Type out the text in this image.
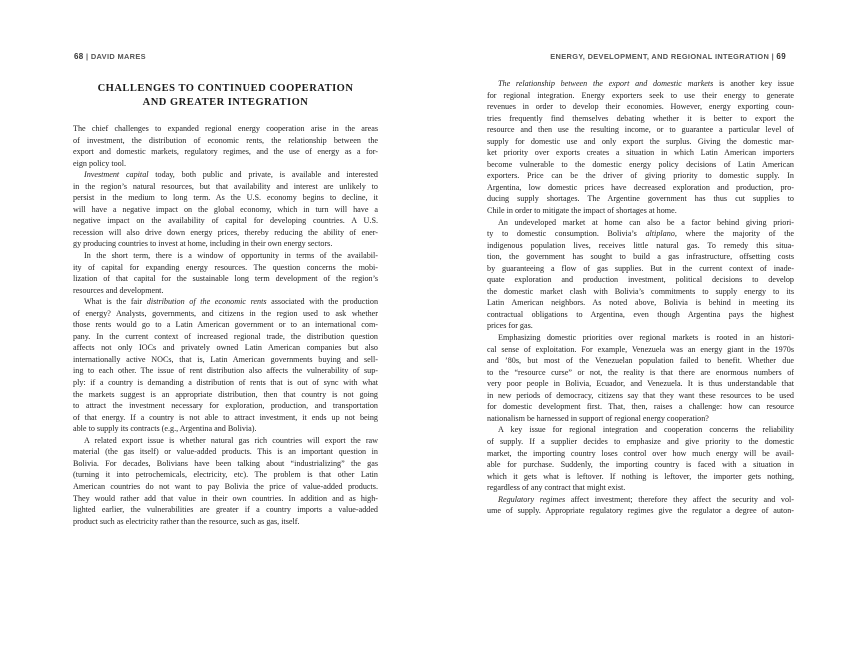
68 | DAVID MARES
CHALLENGES TO CONTINUED COOPERATION
AND GREATER INTEGRATION
The chief challenges to expanded regional energy cooperation arise in the areas
of investment, the distribution of economic rents, the relationship between the
export and domestic markets, regulatory regimes, and the use of energy as a for-
eign policy tool.
Investment capital today, both public and private, is available and interested
in the region’s natural resources, but that availability and interest are unlikely to
persist in the medium to long term. As the U.S. economy begins to decline, it
will have a negative impact on the global economy, which in turn will have a
negative impact on the availability of capital for developing countries. A U.S.
recession will also drive down energy prices, thereby reducing the ability of ener-
gy producing countries to invest at home, including in their own energy sectors.
In the short term, there is a window of opportunity in terms of the availabil-
ity of capital for expanding energy resources. The question concerns the mobi-
lization of that capital for the sustainable long term development of the region’s
resources and development.
What is the fair distribution of the economic rents associated with the production
of energy? Analysts, governments, and citizens in the region used to ask whether
those rents would go to a Latin American government or to an international com-
pany. In the current context of increased regional trade, the distribution question
affects not only IOCs and privately owned Latin American companies but also
internationally active NOCs, that is, Latin American governments buying and sell-
ing to each other. The issue of rent distribution also affects the vulnerability of sup-
ply: if a country is demanding a distribution of rents that is out of sync with what
the markets suggest is an appropriate distribution, then that country is not going
to attract the investment necessary for exploration, production, and transportation
of that energy. If a country is not able to attract investment, it ends up not being
able to supply its contracts (e.g., Argentina and Bolivia).
A related export issue is whether natural gas rich countries will export the raw
material (the gas itself) or value-added products. This is an important question in
Bolivia. For decades, Bolivians have been talking about “industrializing” the gas
(turning it into petrochemicals, electricity, etc). The problem is that other Latin
American countries do not want to pay Bolivia the price of value-added products.
They would rather add that value in their own countries. In addition and as high-
lighted earlier, the vulnerabilities are greater if a country imports a value-added
product such as electricity rather than the resource, such as gas, itself.
ENERGY, DEVELOPMENT, AND REGIONAL INTEGRATION | 69
The relationship between the export and domestic markets is another key issue
for regional integration. Energy exporters seek to use their energy to generate
revenues in order to develop their economies. However, energy exporting coun-
tries frequently find themselves debating whether it is better to export the
resource and then use the resulting income, or to guarantee a particular level of
supply for domestic use and only export the surplus. Giving the domestic mar-
ket priority over exports creates a situation in which Latin American importers
become vulnerable to the domestic energy policy decisions of Latin American
exporters. Price can be the driver of giving priority to domestic supply. In
Argentina, low domestic prices have decreased exploration and production, pro-
ducing supply shortages. The Argentine government has thus cut supplies to
Chile in order to mitigate the impact of shortages at home.
An undeveloped market at home can also be a factor behind giving priori-
ty to domestic consumption. Bolivia’s altiplano, where the majority of the
indigenous population lives, receives little natural gas. To remedy this situa-
tion, the government has sought to build a gas infrastructure, offsetting costs
by guaranteeing a flow of gas supplies. But in the current context of inade-
quate exploration and production investment, political decisions to develop
the domestic market clash with Bolivia’s commitments to supply energy to its
Latin American neighbors. As noted above, Bolivia is behind in meeting its
contractual obligations to Argentina, even though Argentina pays the highest
prices for gas.
Emphasizing domestic priorities over regional markets is rooted in an histori-
cal sense of exploitation. For example, Venezuela was an energy giant in the 1970s
and ’80s, but most of the Venezuelan population failed to benefit. Whether due
to the “resource curse” or not, the reality is that there are enormous numbers of
very poor people in Bolivia, Ecuador, and Venezuela. It is thus understandable that
in new periods of democracy, citizens say that they want these resources to be used
for domestic development first. That, then, raises a challenge: how can resource
nationalism be harnessed in support of regional energy cooperation?
A key issue for regional integration and cooperation concerns the reliability
of supply. If a supplier decides to emphasize and give priority to the domestic
market, the importing country loses control over how much energy will be avail-
able for purchase. Suddenly, the importing country is faced with a situation in
which it gets what is leftover. If nothing is leftover, the importer gets nothing,
regardless of any contract that might exist.
Regulatory regimes affect investment; therefore they affect the security and vol-
ume of supply. Appropriate regulatory regimes give the regulator a degree of auton-
